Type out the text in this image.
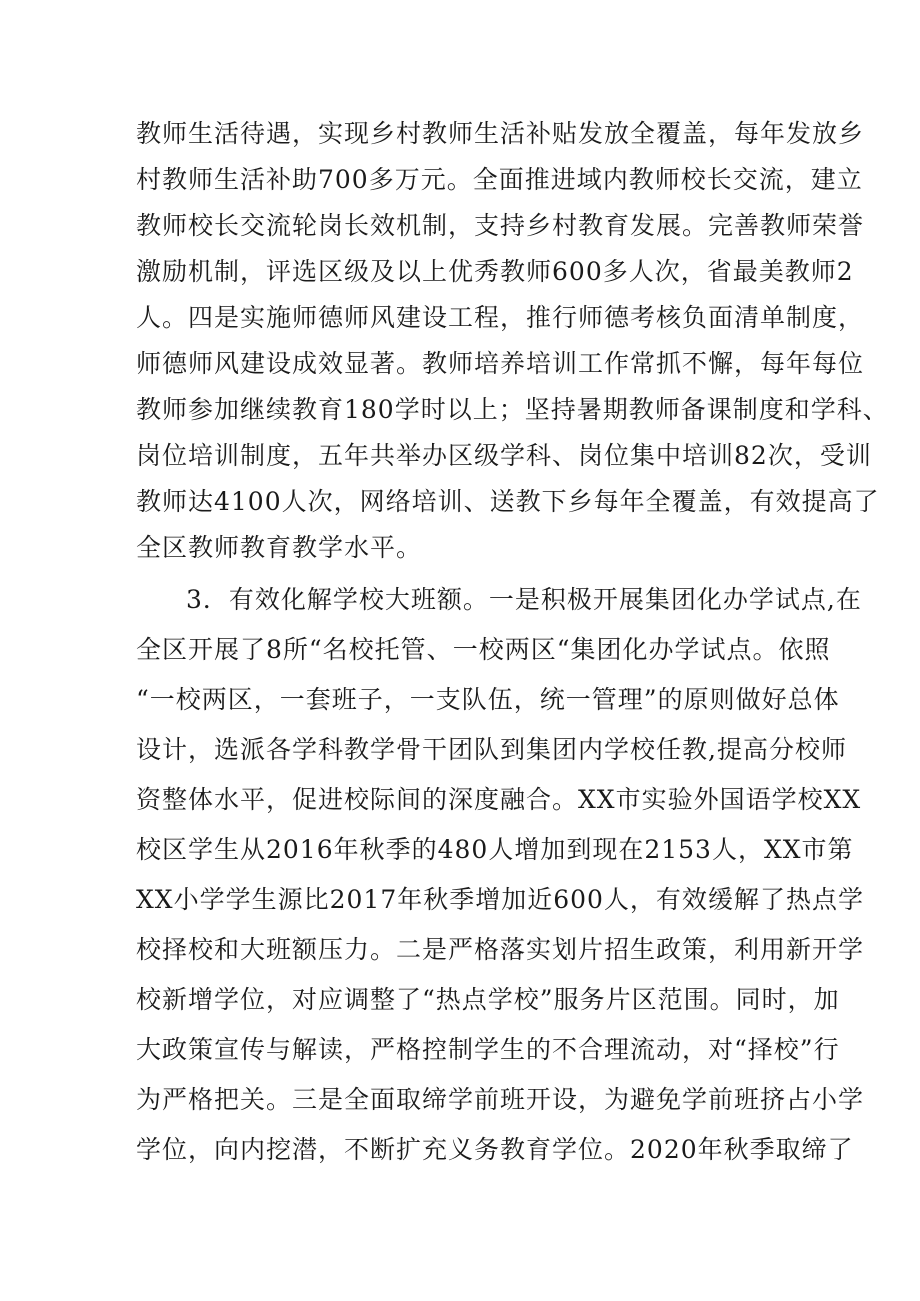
教师生活待遇，实现乡村教师生活补贴发放全覆盖，每年发放乡
村教师生活补助700多万元。全面推进域内教师校长交流，建立
教师校长交流轮岗长效机制，支持乡村教育发展。完善教师荣誉
激励机制，评选区级及以上优秀教师600多人次，省最美教师2
人。四是实施师德师风建设工程，推行师德考核负面清单制度，
师德师风建设成效显著。教师培养培训工作常抓不懈，每年每位
教师参加继续教育180学时以上；坚持暑期教师备课制度和学科、
岗位培训制度，五年共举办区级学科、岗位集中培训82次，受训
教师达4100人次，网络培训、送教下乡每年全覆盖，有效提高了
全区教师教育教学水平。
3．有效化解学校大班额。一是积极开展集团化办学试点,在
全区开展了8所“名校托管、一校两区“集团化办学试点。依照
“一校两区，一套班子，一支队伍，统一管理”的原则做好总体
设计，选派各学科教学骨干团队到集团内学校任教,提高分校师
资整体水平，促进校际间的深度融合。XX市实验外国语学校XX
校区学生从2016年秋季的480人增加到现在2153人，XX市第
XX小学学生源比2017年秋季增加近600人，有效缓解了热点学
校择校和大班额压力。二是严格落实划片招生政策，利用新开学
校新增学位，对应调整了“热点学校”服务片区范围。同时，加
大政策宣传与解读，严格控制学生的不合理流动，对“择校”行
为严格把关。三是全面取缔学前班开设，为避免学前班挤占小学
学位，向内挖潜，不断扩充义务教育学位。2020年秋季取缔了
